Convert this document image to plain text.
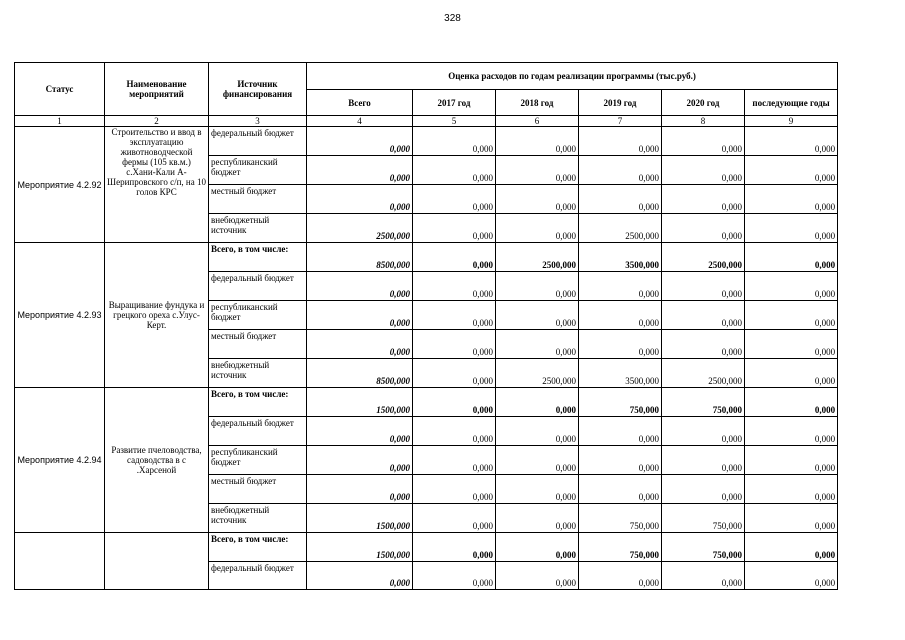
328
Статус	Наименование мероприятий	Источник финансирования	Оценка расходов по годам реализации программы (тыс.руб.)					
			Всего	2017 год	2018 год	2019 год	2020 год	последующие годы
1	2	3	4	5	6	7	8	9
Мероприятие 4.2.92	Строительство и ввод в эксплуатацию животноводческой фермы (105 кв.м.) с.Хани-Кали А-Шерипровского с/п, на 10 голов КРС	федеральный бюджет	0,000	0,000	0,000	0,000	0,000	0,000
		республиканский бюджет	0,000	0,000	0,000	0,000	0,000	0,000
		местный бюджет	0,000	0,000	0,000	0,000	0,000	0,000
		внебюджетный источник	2500,000	0,000	0,000	2500,000	0,000	0,000
Мероприятие 4.2.93	Выращивание фундука и грецкого ореха с.Улус-Керт.	Всего, в том числе:	8500,000	0,000	2500,000	3500,000	2500,000	0,000
		федеральный бюджет	0,000	0,000	0,000	0,000	0,000	0,000
		республиканский бюджет	0,000	0,000	0,000	0,000	0,000	0,000
		местный бюджет	0,000	0,000	0,000	0,000	0,000	0,000
		внебюджетный источник	8500,000	0,000	2500,000	3500,000	2500,000	0,000
Мероприятие 4.2.94	Развитие пчеловодства, садоводства в с .Харсеной	Всего, в том числе:	1500,000	0,000	0,000	750,000	750,000	0,000
		федеральный бюджет	0,000	0,000	0,000	0,000	0,000	0,000
		республиканский бюджет	0,000	0,000	0,000	0,000	0,000	0,000
		местный бюджет	0,000	0,000	0,000	0,000	0,000	0,000
		внебюджетный источник	1500,000	0,000	0,000	750,000	750,000	0,000
		Всего, в том числе:	1500,000	0,000	0,000	750,000	750,000	0,000
		федеральный бюджет	0,000	0,000	0,000	0,000	0,000	0,000
